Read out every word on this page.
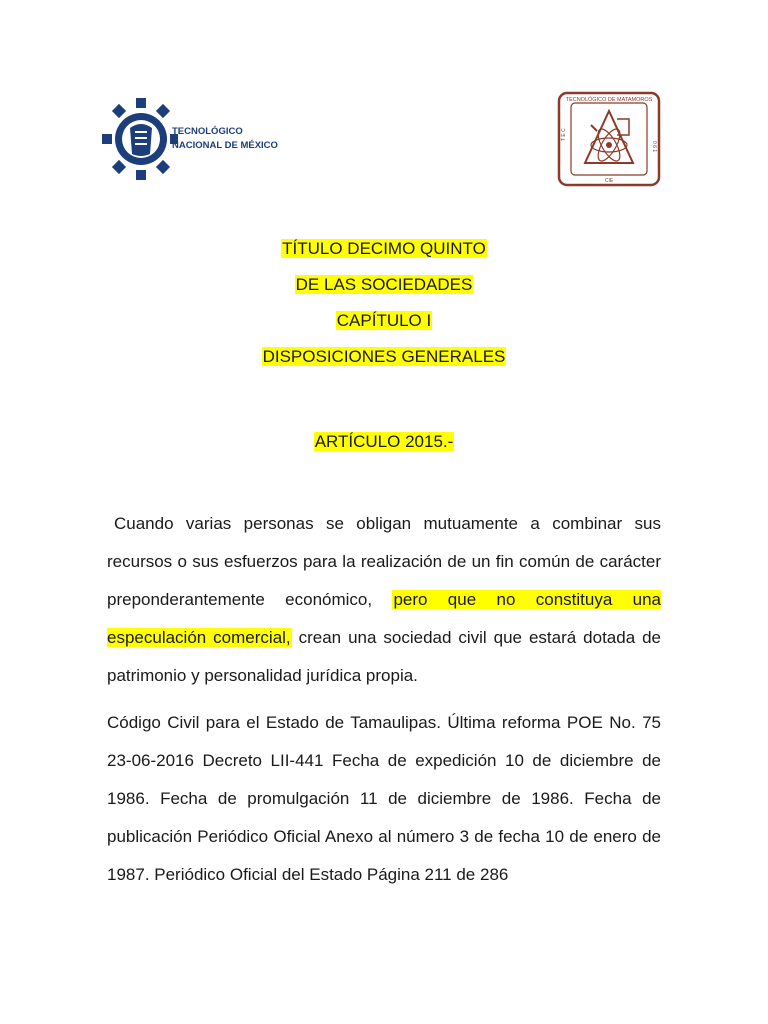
TECNOLÓGICO
NACIONAL DE MÉXICO
TECNOLÓGICO DE MATAMOROS
T E C
0 6 1
CIE
TÍTULO DECIMO QUINTO
DE LAS SOCIEDADES
CAPÍTULO I
DISPOSICIONES GENERALES
ARTÍCULO 2015.-

Cuando varias personas se obligan mutuamente a combinar sus recursos o sus esfuerzos para la realización de un fin común de carácter preponderantemente económico, pero que no constituya una especulación comercial, crean una sociedad civil que estará dotada de patrimonio y personalidad jurídica propia.

Código Civil para el Estado de Tamaulipas. Última reforma POE No. 75 23-06-2016 Decreto LII-441 Fecha de expedición 10 de diciembre de 1986. Fecha de promulgación 11 de diciembre de 1986. Fecha de publicación Periódico Oficial Anexo al número 3 de fecha 10 de enero de 1987. Periódico Oficial del Estado Página 211 de 286
